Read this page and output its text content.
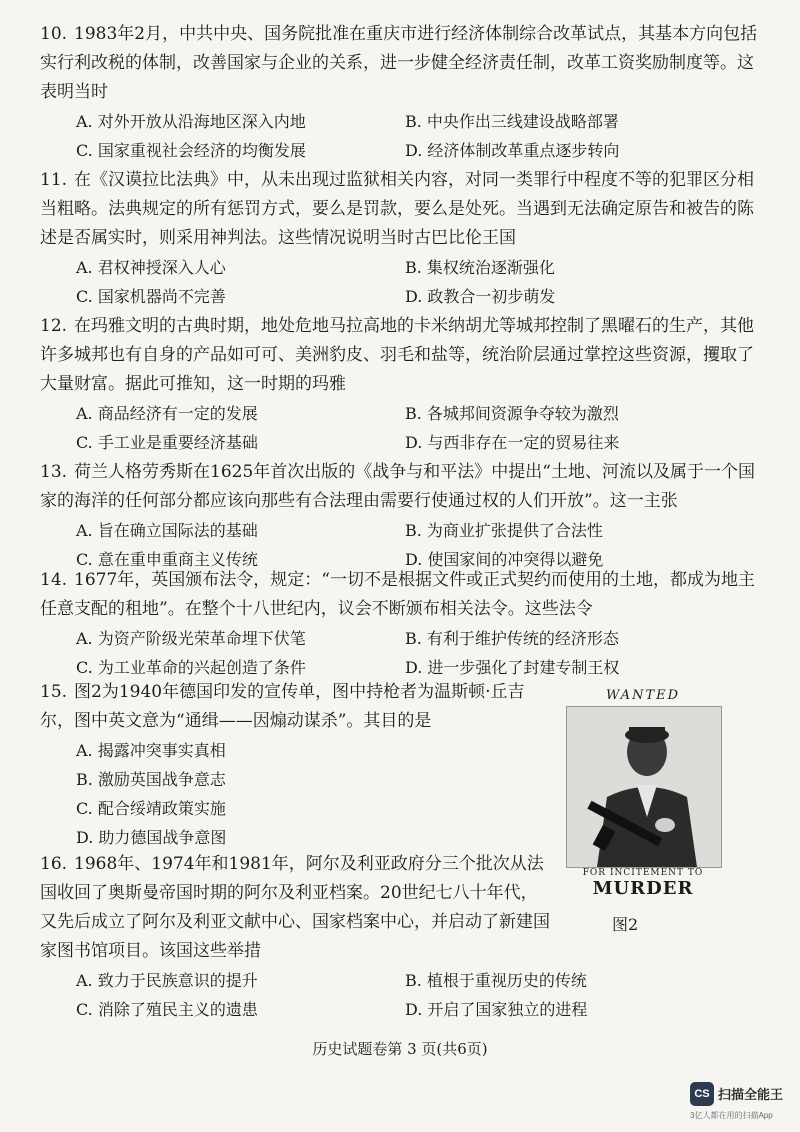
10. 1983年2月，中共中央、国务院批准在重庆市进行经济体制综合改革试点，其基本方向包括实行利改税的体制，改善国家与企业的关系，进一步健全经济责任制，改革工资奖励制度等。这表明当时
A. 对外开放从沿海地区深入内地	B. 中央作出三线建设战略部署
C. 国家重视社会经济的均衡发展	D. 经济体制改革重点逐步转向
11. 在《汉谟拉比法典》中，从未出现过监狱相关内容，对同一类罪行中程度不等的犯罪区分相当粗略。法典规定的所有惩罚方式，要么是罚款，要么是处死。当遇到无法确定原告和被告的陈述是否属实时，则采用神判法。这些情况说明当时古巴比伦王国
A. 君权神授深入人心	B. 集权统治逐渐强化
C. 国家机器尚不完善	D. 政教合一初步萌发
12. 在玛雅文明的古典时期，地处危地马拉高地的卡米纳胡尤等城邦控制了黑曜石的生产，其他许多城邦也有自身的产品如可可、美洲豹皮、羽毛和盐等，统治阶层通过掌控这些资源，攫取了大量财富。据此可推知，这一时期的玛雅
A. 商品经济有一定的发展	B. 各城邦间资源争夺较为激烈
C. 手工业是重要经济基础	D. 与西非存在一定的贸易往来
13. 荷兰人格劳秀斯在1625年首次出版的《战争与和平法》中提出“土地、河流以及属于一个国家的海洋的任何部分都应该向那些有合法理由需要行使通过权的人们开放”。这一主张
A. 旨在确立国际法的基础	B. 为商业扩张提供了合法性
C. 意在重申重商主义传统	D. 使国家间的冲突得以避免
14. 1677年，英国颁布法令，规定：“一切不是根据文件或正式契约而使用的土地，都成为地主任意支配的租地”。在整个十八世纪内，议会不断颁布相关法令。这些法令
A. 为资产阶级光荣革命埋下伏笔	B. 有利于维护传统的经济形态
C. 为工业革命的兴起创造了条件	D. 进一步强化了封建专制王权
15. 图2为1940年德国印发的宣传单，图中持枪者为温斯顿·丘吉尔，图中英文意为“通缉——因煽动谋杀”。其目的是
A. 揭露冲突事实真相
B. 激励英国战争意志
C. 配合绥靖政策实施
D. 助力德国战争意图
WANTED
FOR INCITEMENT TO
MURDER
图2
16. 1968年、1974年和1981年，阿尔及利亚政府分三个批次从法国收回了奥斯曼帝国时期的阿尔及利亚档案。20世纪七八十年代，又先后成立了阿尔及利亚文献中心、国家档案中心，并启动了新建国家图书馆项目。该国这些举措
A. 致力于民族意识的提升	B. 植根于重视历史的传统
C. 消除了殖民主义的遗患	D. 开启了国家独立的进程
历史试题卷第 3 页(共6页)
CS 扫描全能王
3亿人都在用的扫描App
